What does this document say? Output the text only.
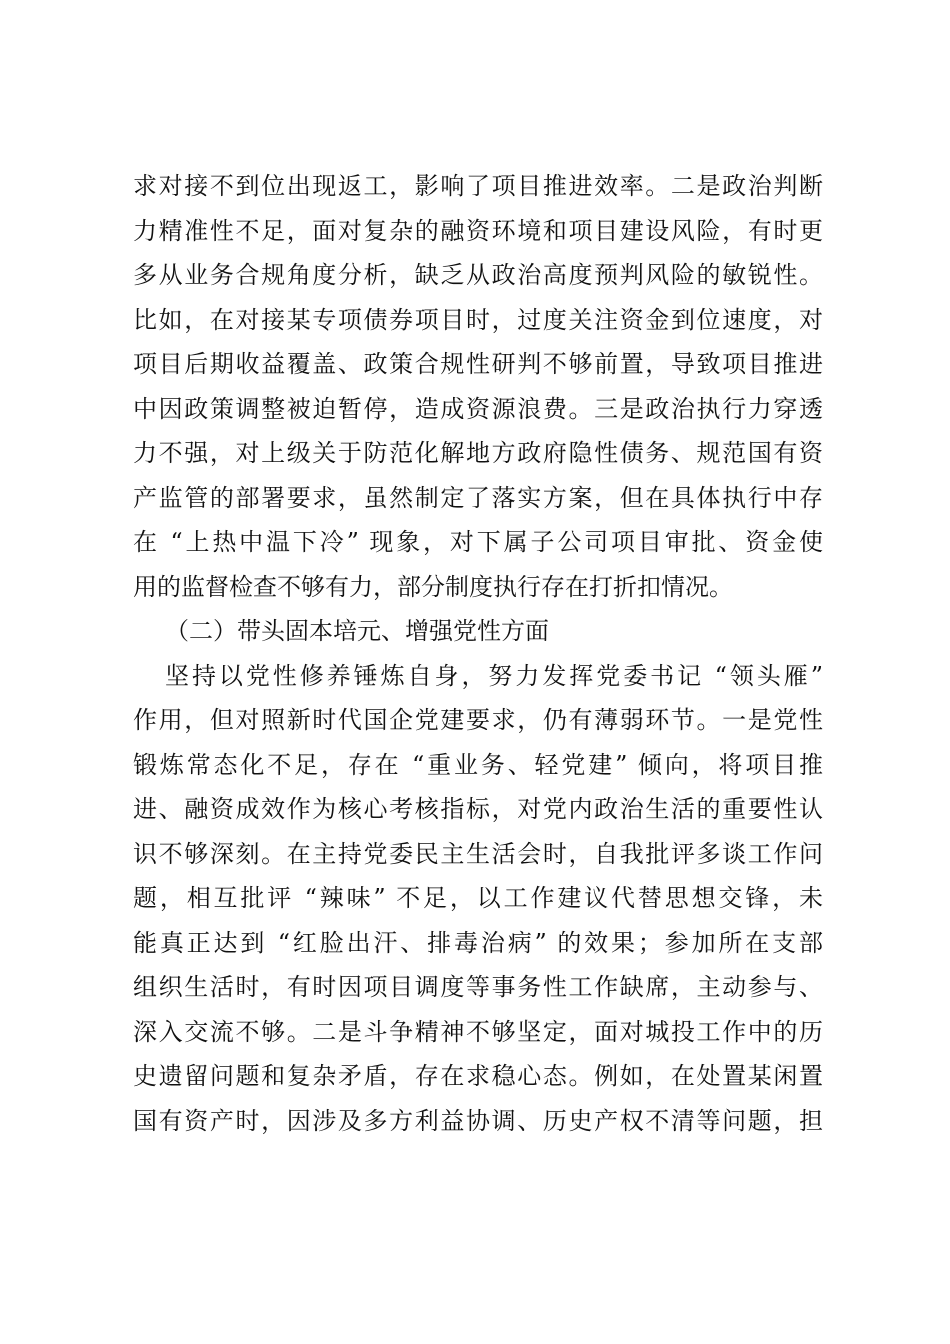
求对接不到位出现返工，影响了项目推进效率。二是政治判断
力精准性不足，面对复杂的融资环境和项目建设风险，有时更
多从业务合规角度分析，缺乏从政治高度预判风险的敏锐性。
比如，在对接某专项债券项目时，过度关注资金到位速度，对
项目后期收益覆盖、政策合规性研判不够前置，导致项目推进
中因政策调整被迫暂停，造成资源浪费。三是政治执行力穿透
力不强，对上级关于防范化解地方政府隐性债务、规范国有资
产监管的部署要求，虽然制定了落实方案，但在具体执行中存
在 “上热中温下冷” 现象，对下属子公司项目审批、资金使
用的监督检查不够有力，部分制度执行存在打折扣情况。
（二）带头固本培元、增强党性方面
坚持以党性修养锤炼自身，努力发挥党委书记 “领头雁”
作用，但对照新时代国企党建要求，仍有薄弱环节。一是党性
锻炼常态化不足，存在 “重业务、轻党建” 倾向，将项目推
进、融资成效作为核心考核指标，对党内政治生活的重要性认
识不够深刻。在主持党委民主生活会时，自我批评多谈工作问
题，相互批评 “辣味” 不足，以工作建议代替思想交锋，未
能真正达到 “红脸出汗、排毒治病” 的效果；参加所在支部
组织生活时，有时因项目调度等事务性工作缺席，主动参与、
深入交流不够。二是斗争精神不够坚定，面对城投工作中的历
史遗留问题和复杂矛盾，存在求稳心态。例如，在处置某闲置
国有资产时，因涉及多方利益协调、历史产权不清等问题，担
